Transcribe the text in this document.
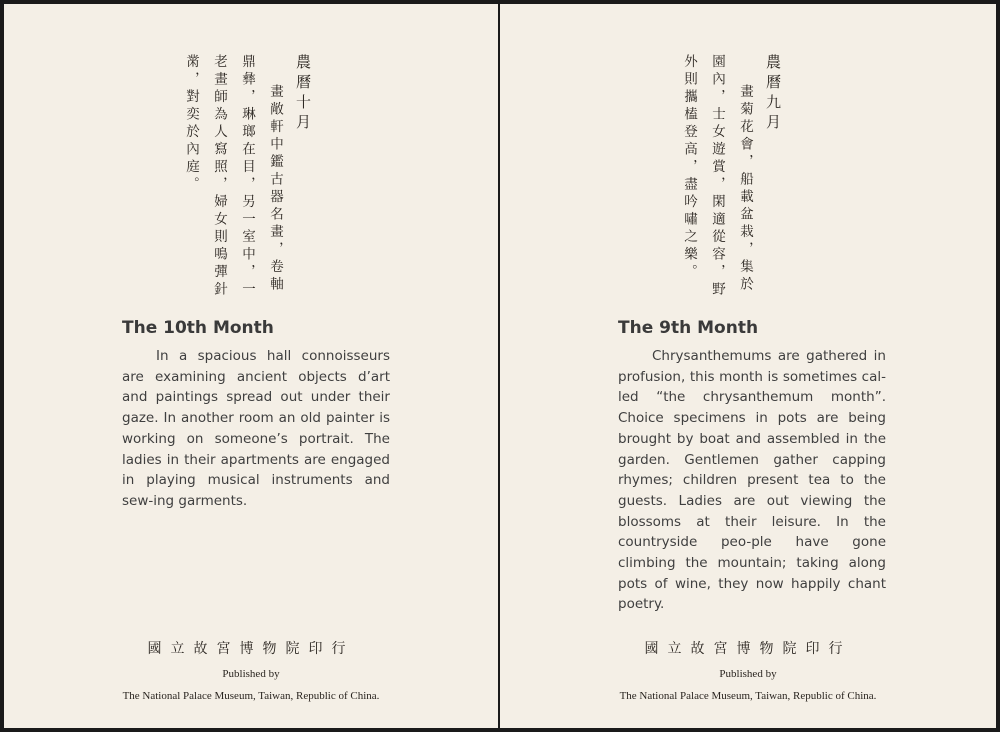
農曆十月
畫敞軒中鑑古器名畫，卷軸
鼎彝，琳瑯在目，另一室中，一
老畫師為人寫照，婦女則鳴彈針
黹，對奕於內庭。
The 10th Month

In a spacious hall connoisseurs are examining ancient objects d’art and paintings spread out under their gaze. In another room an old painter is working on someone’s portrait. The ladies in their apartments are engaged in playing musical instruments and sew-ing garments.

國立故宮博物院印行
Published by
The National Palace Museum, Taiwan, Republic of China.
農曆九月
畫菊花會，船載盆栽，集於
園內，士女遊賞，閑適從容，野
外則攜榼登高，盡吟嘯之樂。
The 9th Month

Chrysanthemums are gathered in profusion, this month is sometimes cal-led “the chrysanthemum month”. Choice specimens in pots are being brought by boat and assembled in the garden. Gentlemen gather capping rhymes; children present tea to the guests. Ladies are out viewing the blossoms at their leisure. In the countryside peo-ple have gone climbing the mountain; taking along pots of wine, they now happily chant poetry.

國立故宮博物院印行
Published by
The National Palace Museum, Taiwan, Republic of China.
